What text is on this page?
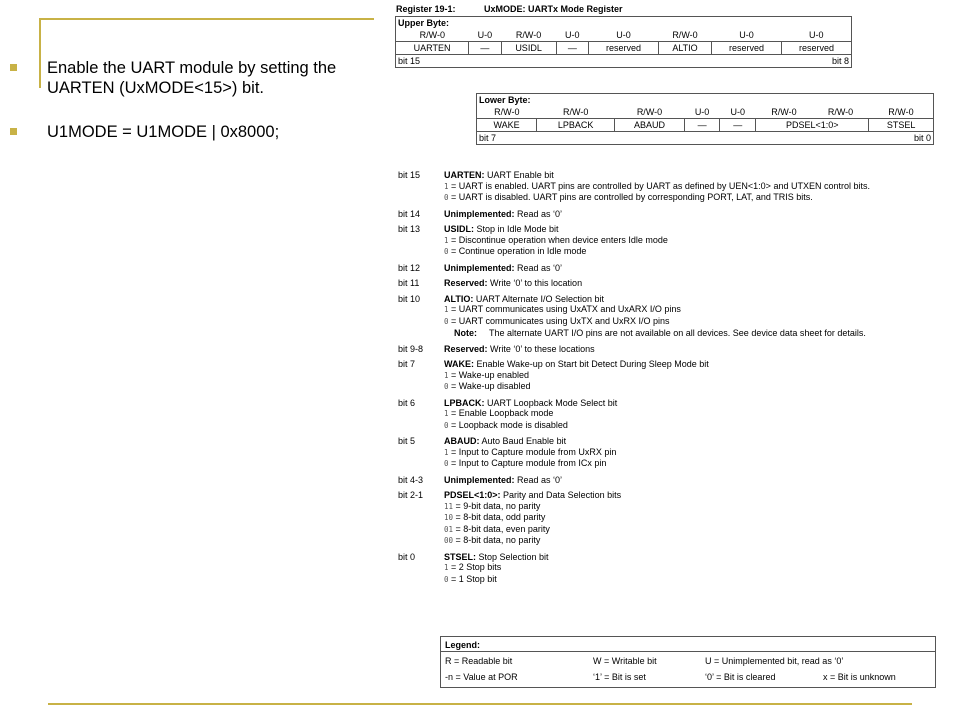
Enable the UART module by setting the UARTEN (UxMODE<15>) bit.
U1MODE = U1MODE | 0x8000;
Register 19-1:	UxMODE: UARTx Mode Register
Upper Byte:							
R/W-0	U-0	R/W-0	U-0	U-0	R/W-0	U-0	U-0
UARTEN	—	USIDL	—	reserved	ALTIO	reserved	reserved
bit 15				bit 8			
Lower Byte:							
R/W-0	R/W-0	R/W-0	U-0	U-0	R/W-0	R/W-0	R/W-0
WAKE	LPBACK	ABAUD	—	—	PDSEL<1:0>		STSEL
bit 7				bit 0			
bit 15	UARTEN: UART Enable bit
1 = UART is enabled. UART pins are controlled by UART as defined by UEN<1:0> and UTXEN control bits.
0 = UART is disabled. UART pins are controlled by corresponding PORT, LAT, and TRIS bits.
bit 14	Unimplemented: Read as ‘0’
bit 13	USIDL: Stop in Idle Mode bit
1 = Discontinue operation when device enters Idle mode
0 = Continue operation in Idle mode
bit 12	Unimplemented: Read as ‘0’
bit 11	Reserved: Write ‘0’ to this location
bit 10	ALTIO: UART Alternate I/O Selection bit
1 = UART communicates using UxATX and UxARX I/O pins
0 = UART communicates using UxTX and UxRX I/O pins
Note: The alternate UART I/O pins are not available on all devices. See device data sheet for details.
bit 9-8	Reserved: Write ‘0’ to these locations
bit 7	WAKE: Enable Wake-up on Start bit Detect During Sleep Mode bit
1 = Wake-up enabled
0 = Wake-up disabled
bit 6	LPBACK: UART Loopback Mode Select bit
1 = Enable Loopback mode
0 = Loopback mode is disabled
bit 5	ABAUD: Auto Baud Enable bit
1 = Input to Capture module from UxRX pin
0 = Input to Capture module from ICx pin
bit 4-3	Unimplemented: Read as ‘0’
bit 2-1	PDSEL<1:0>: Parity and Data Selection bits
11 = 9-bit data, no parity
10 = 8-bit data, odd parity
01 = 8-bit data, even parity
00 = 8-bit data, no parity
bit 0	STSEL: Stop Selection bit
1 = 2 Stop bits
0 = 1 Stop bit
Legend:
R = Readable bit	W = Writable bit	U = Unimplemented bit, read as ‘0’
-n = Value at POR	‘1’ = Bit is set	‘0’ = Bit is cleared	x = Bit is unknown
